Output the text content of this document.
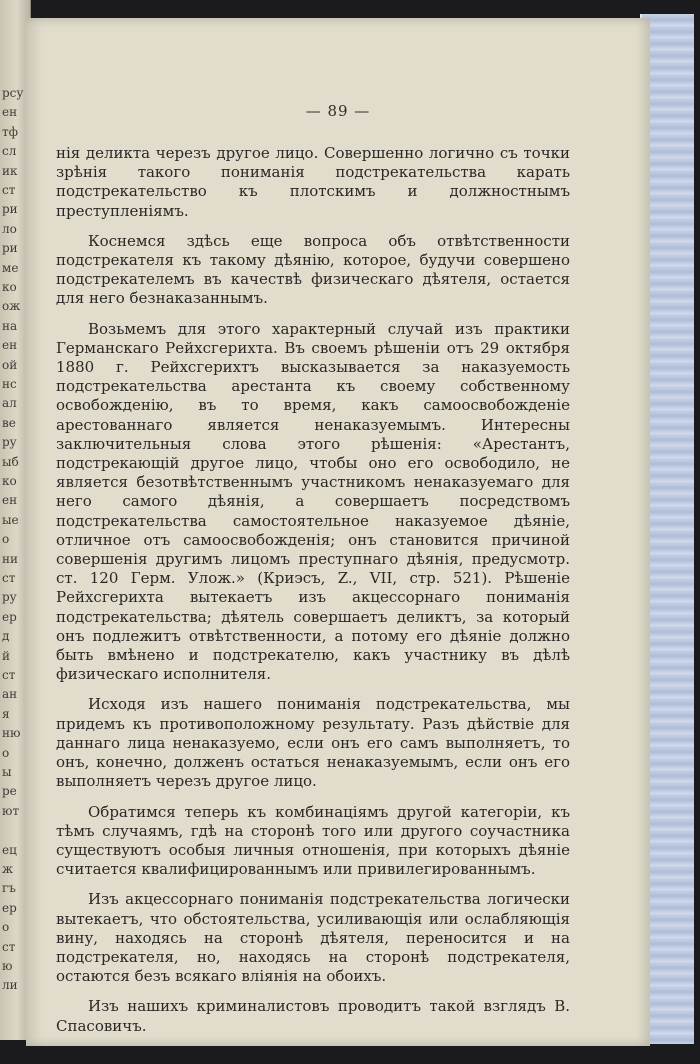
рсу
ен
тф
сл
ик
ст
ри
ло
ри
ме
ко
ож
на
ен
ой
нс
ал
ве
ру
ыб
ко
ен
ые
о
ни
ст
ру
ер
д
й
ст
ан
я
ню
о
ы
ре
ют
ец
ж
гъ
ер
о
ст
ю
ли
— 89 —

нія деликта черезъ другое лицо. Совершенно логично съ точки зрѣнія такого пониманія подстрекательства карать подстрекательство къ плотскимъ и должностнымъ преступленіямъ.

Коснемся здѣсь еще вопроса объ отвѣтственности подстрекателя къ такому дѣянію, которое, будучи совершено подстрекателемъ въ качествѣ физическаго дѣятеля, остается для него безнаказаннымъ.

Возьмемъ для этого характерный случай изъ практики Германскаго Рейхсгерихта. Въ своемъ рѣшеніи отъ 29 октября 1880 г. Рейхсгерихтъ высказывается за наказуемость подстрекательства арестанта къ своему собственному освобожденію, въ то время, какъ самоосвобожденіе арестованнаго является ненаказуемымъ. Интересны заключительныя слова этого рѣшенія: «Арестантъ, подстрекающій другое лицо, чтобы оно его освободило, не является безотвѣтственнымъ участникомъ ненаказуемаго для него самого дѣянія, а совершаетъ посредствомъ подстрекательства самостоятельное наказуемое дѣяніе, отличное отъ самоосвобожденія; онъ становится причиной совершенія другимъ лицомъ преступнаго дѣянія, предусмотр. ст. 120 Герм. Улож.» (Криэсъ, Z., VII, стр. 521). Рѣшеніе Рейхсгерихта вытекаетъ изъ акцессорнаго пониманія подстрекательства; дѣятель совершаетъ деликтъ, за который онъ подлежитъ отвѣтственности, а потому его дѣяніе должно быть вмѣнено и подстрекателю, какъ участнику въ дѣлѣ физическаго исполнителя.

Исходя изъ нашего пониманія подстрекательства, мы придемъ къ противоположному результату. Разъ дѣйствіе для даннаго лица ненаказуемо, если онъ его самъ выполняетъ, то онъ, конечно, долженъ остаться ненаказуемымъ, если онъ его выполняетъ черезъ другое лицо.

Обратимся теперь къ комбинаціямъ другой категоріи, къ тѣмъ случаямъ, гдѣ на сторонѣ того или другого соучастника существуютъ особыя личныя отношенія, при которыхъ дѣяніе считается квалифицированнымъ или привилегированнымъ.

Изъ акцессорнаго пониманія подстрекательства логически вытекаетъ, что обстоятельства, усиливающія или ослабляющія вину, находясь на сторонѣ дѣятеля, переносится и на подстрекателя, но, находясь на сторонѣ подстрекателя, остаются безъ всякаго вліянія на обоихъ.

Изъ нашихъ криминалистовъ проводитъ такой взглядъ В. Спасовичъ.
